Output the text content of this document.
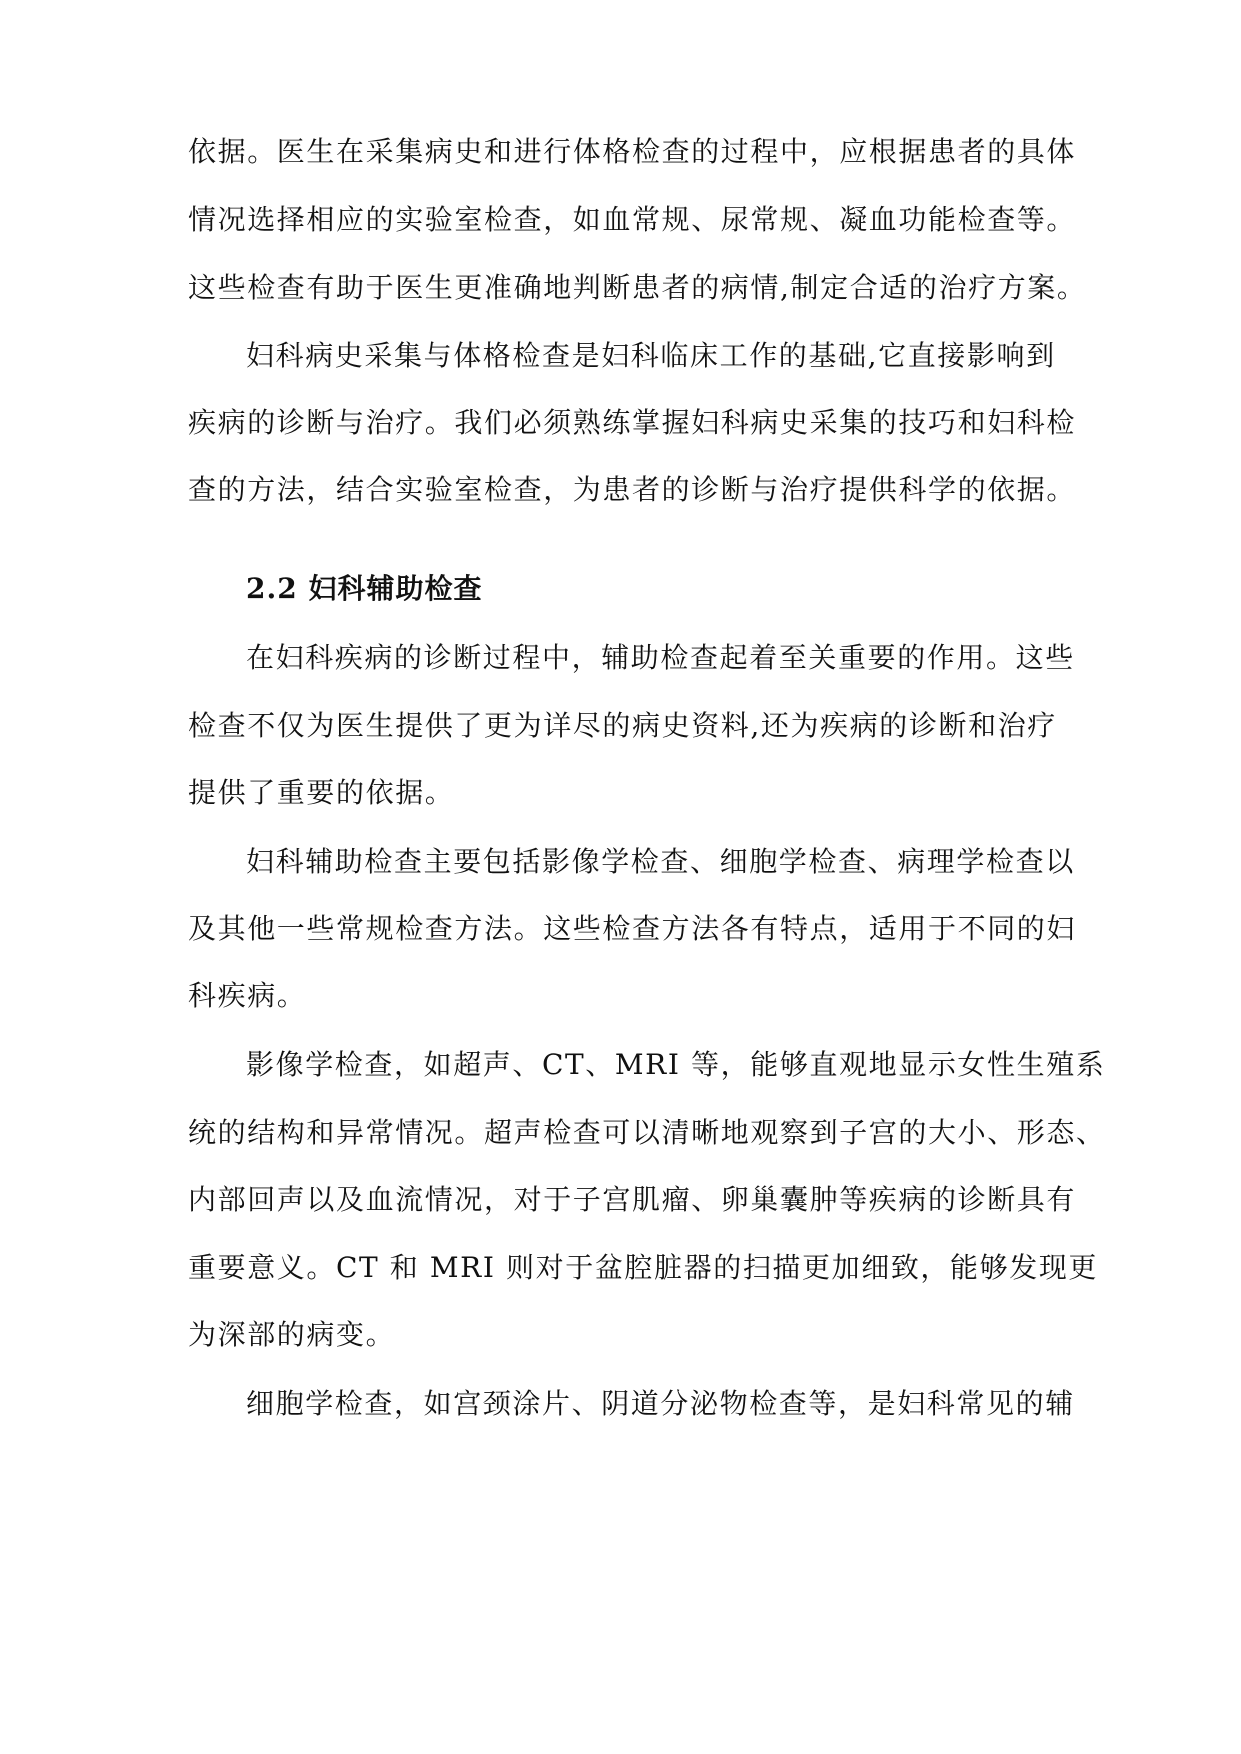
依据。医生在采集病史和进行体格检查的过程中，应根据患者的具体
情况选择相应的实验室检查，如血常规、尿常规、凝血功能检查等。
这些检查有助于医生更准确地判断患者的病情,制定合适的治疗方案。
妇科病史采集与体格检查是妇科临床工作的基础,它直接影响到
疾病的诊断与治疗。我们必须熟练掌握妇科病史采集的技巧和妇科检
查的方法，结合实验室检查，为患者的诊断与治疗提供科学的依据。
2.2 妇科辅助检查
在妇科疾病的诊断过程中，辅助检查起着至关重要的作用。这些
检查不仅为医生提供了更为详尽的病史资料,还为疾病的诊断和治疗
提供了重要的依据。
妇科辅助检查主要包括影像学检查、细胞学检查、病理学检查以
及其他一些常规检查方法。这些检查方法各有特点，适用于不同的妇
科疾病。
影像学检查，如超声、CT、MRI 等，能够直观地显示女性生殖系
统的结构和异常情况。超声检查可以清晰地观察到子宫的大小、形态、
内部回声以及血流情况，对于子宫肌瘤、卵巢囊肿等疾病的诊断具有
重要意义。CT 和 MRI 则对于盆腔脏器的扫描更加细致，能够发现更
为深部的病变。
细胞学检查，如宫颈涂片、阴道分泌物检查等，是妇科常见的辅
